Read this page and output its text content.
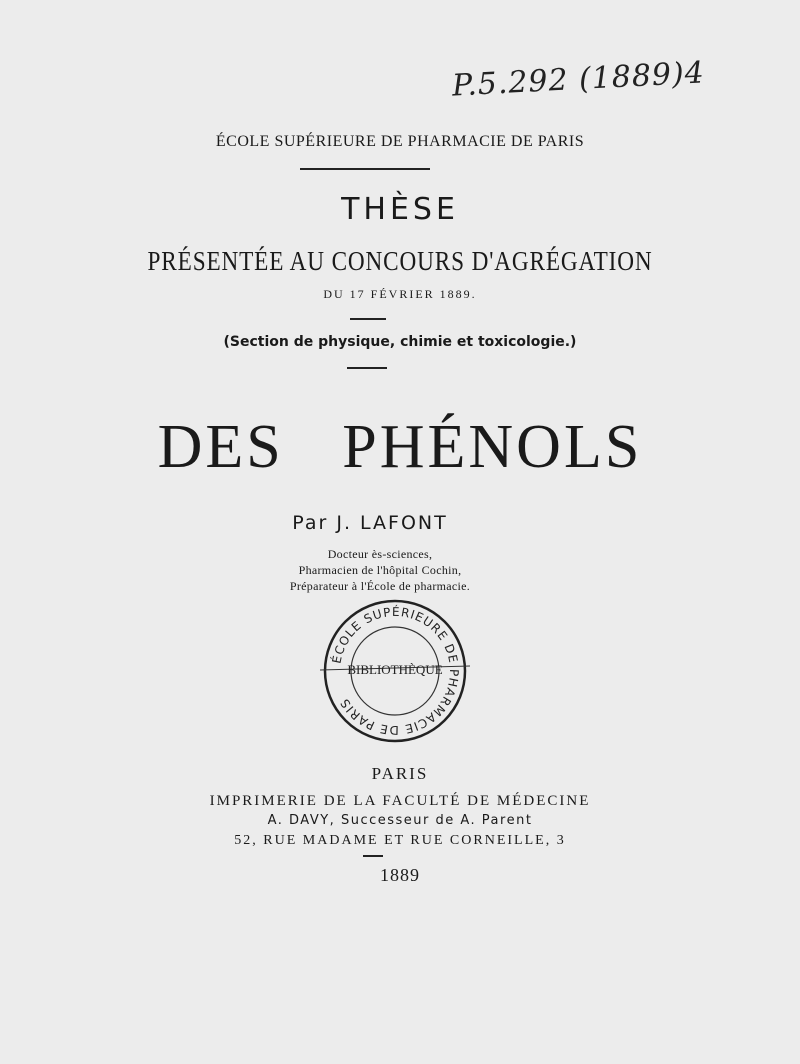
P.5.292 (1889)4
ÉCOLE SUPÉRIEURE DE PHARMACIE DE PARIS
THÈSE
PRÉSENTÉE AU CONCOURS D'AGRÉGATION
DU 17 FÉVRIER 1889.
(Section de physique, chimie et toxicologie.)
DES PHÉNOLS
Par J. LAFONT
Docteur ès-sciences,
Pharmacien de l'hôpital Cochin,
Préparateur à l'École de pharmacie.
ÉCOLE SUPÉRIEURE DE PHARMACIE DE PARIS
BIBLIOTHÈQUE
PARIS
IMPRIMERIE DE LA FACULTÉ DE MÉDECINE
A. DAVY, Successeur de A. Parent
52, RUE MADAME ET RUE CORNEILLE, 3
1889
